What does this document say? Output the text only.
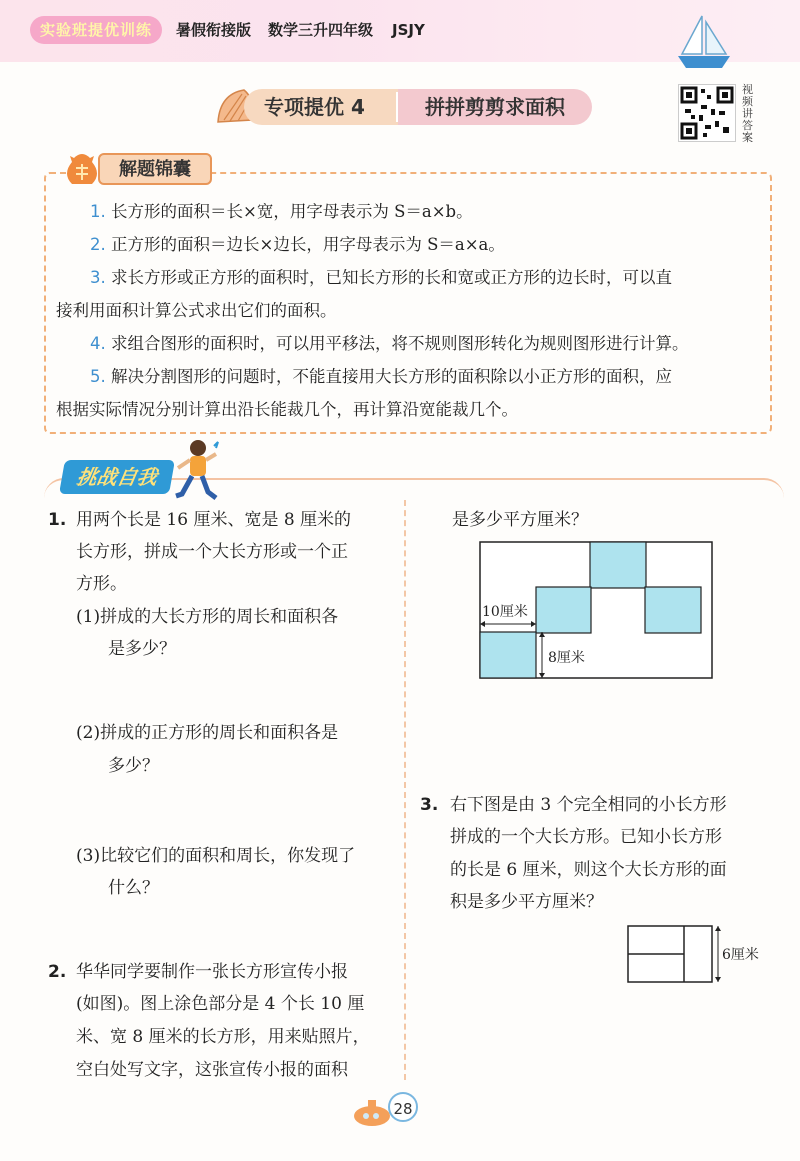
实验班提优训练	暑假衔接版 数学三升四年级 JSJY
专项提优 4	拼拼剪剪求面积
视频讲答案
解题锦囊
1. 长方形的面积＝长×宽，用字母表示为 S＝a×b。
2. 正方形的面积＝边长×边长，用字母表示为 S＝a×a。
3. 求长方形或正方形的面积时，已知长方形的长和宽或正方形的边长时，可以直
接利用面积计算公式求出它们的面积。
4. 求组合图形的面积时，可以用平移法，将不规则图形转化为规则图形进行计算。
5. 解决分割图形的问题时，不能直接用大长方形的面积除以小正方形的面积，应
根据实际情况分别计算出沿长能裁几个，再计算沿宽能裁几个。
挑战自我
1. 用两个长是 16 厘米、宽是 8 厘米的
长方形，拼成一个大长方形或一个正
方形。
(1)拼成的大长方形的周长和面积各
是多少？
(2)拼成的正方形的周长和面积各是
多少？
(3)比较它们的面积和周长，你发现了
什么？
2. 华华同学要制作一张长方形宣传小报
(如图)。图上涂色部分是 4 个长 10 厘
米、宽 8 厘米的长方形，用来贴照片，
空白处写文字，这张宣传小报的面积
是多少平方厘米？
10厘米
8厘米
3. 右下图是由 3 个完全相同的小长方形
拼成的一个大长方形。已知小长方形
的长是 6 厘米，则这个大长方形的面
积是多少平方厘米？
6厘米
28
